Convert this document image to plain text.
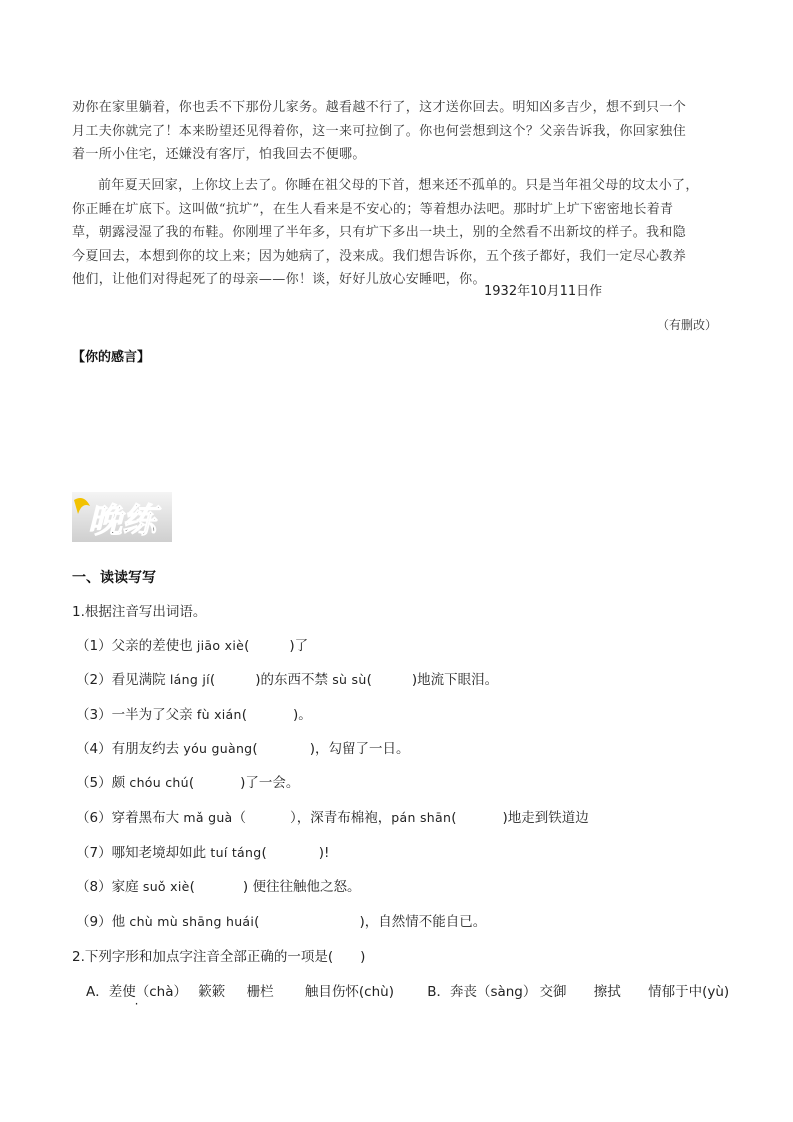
劝你在家里躺着，你也丢不下那份儿家务。越看越不行了，这才送你回去。明知凶多吉少，想不到只一个
月工夫你就完了！本来盼望还见得着你，这一来可拉倒了。你也何尝想到这个？父亲告诉我，你回家独住
着一所小住宅，还嫌没有客厅，怕我回去不便哪。
前年夏天回家，上你坟上去了。你睡在祖父母的下首，想来还不孤单的。只是当年祖父母的坟太小了，
你正睡在圹底下。这叫做“抗圹”，在生人看来是不安心的；等着想办法吧。那时圹上圹下密密地长着青
草，朝露浸湿了我的布鞋。你刚埋了半年多，只有圹下多出一块土，别的全然看不出新坟的样子。我和隐
今夏回去，本想到你的坟上来；因为她病了，没来成。我们想告诉你，五个孩子都好，我们一定尽心教养
他们，让他们对得起死了的母亲——你！谈，好好儿放心安睡吧，你。
1932年10月11日作
（有删改）
【你的感言】
晚练
一、读读写写
1.根据注音写出词语。
（1）父亲的差使也 jiāo xiè(	)了
（2）看见满院 láng jí(	)的东西不禁 sù sù(	)地流下眼泪。
（3）一半为了父亲 fù xián(	)。
（4）有朋友约去 yóu guàng(	)，勾留了一日。
（5）颇 chóu chú(	)了一会。
（6）穿着黑布大 mǎ guà（	），深青布棉袍，pán shān(	)地走到铁道边
（7）哪知老境却如此 tuí táng(	)!
（8）家庭 suǒ xiè(	) 便往往触他之怒。
（9）他 chù mù shāng huái(	)，自然情不能自已。
2.下列字形和加点字注音全部正确的一项是(　　)
A．差使（chà） · 簌簌 栅栏 触目伤怀(chù) B．奔丧（sàng） 交御 擦拭 情郁于中(yù)
